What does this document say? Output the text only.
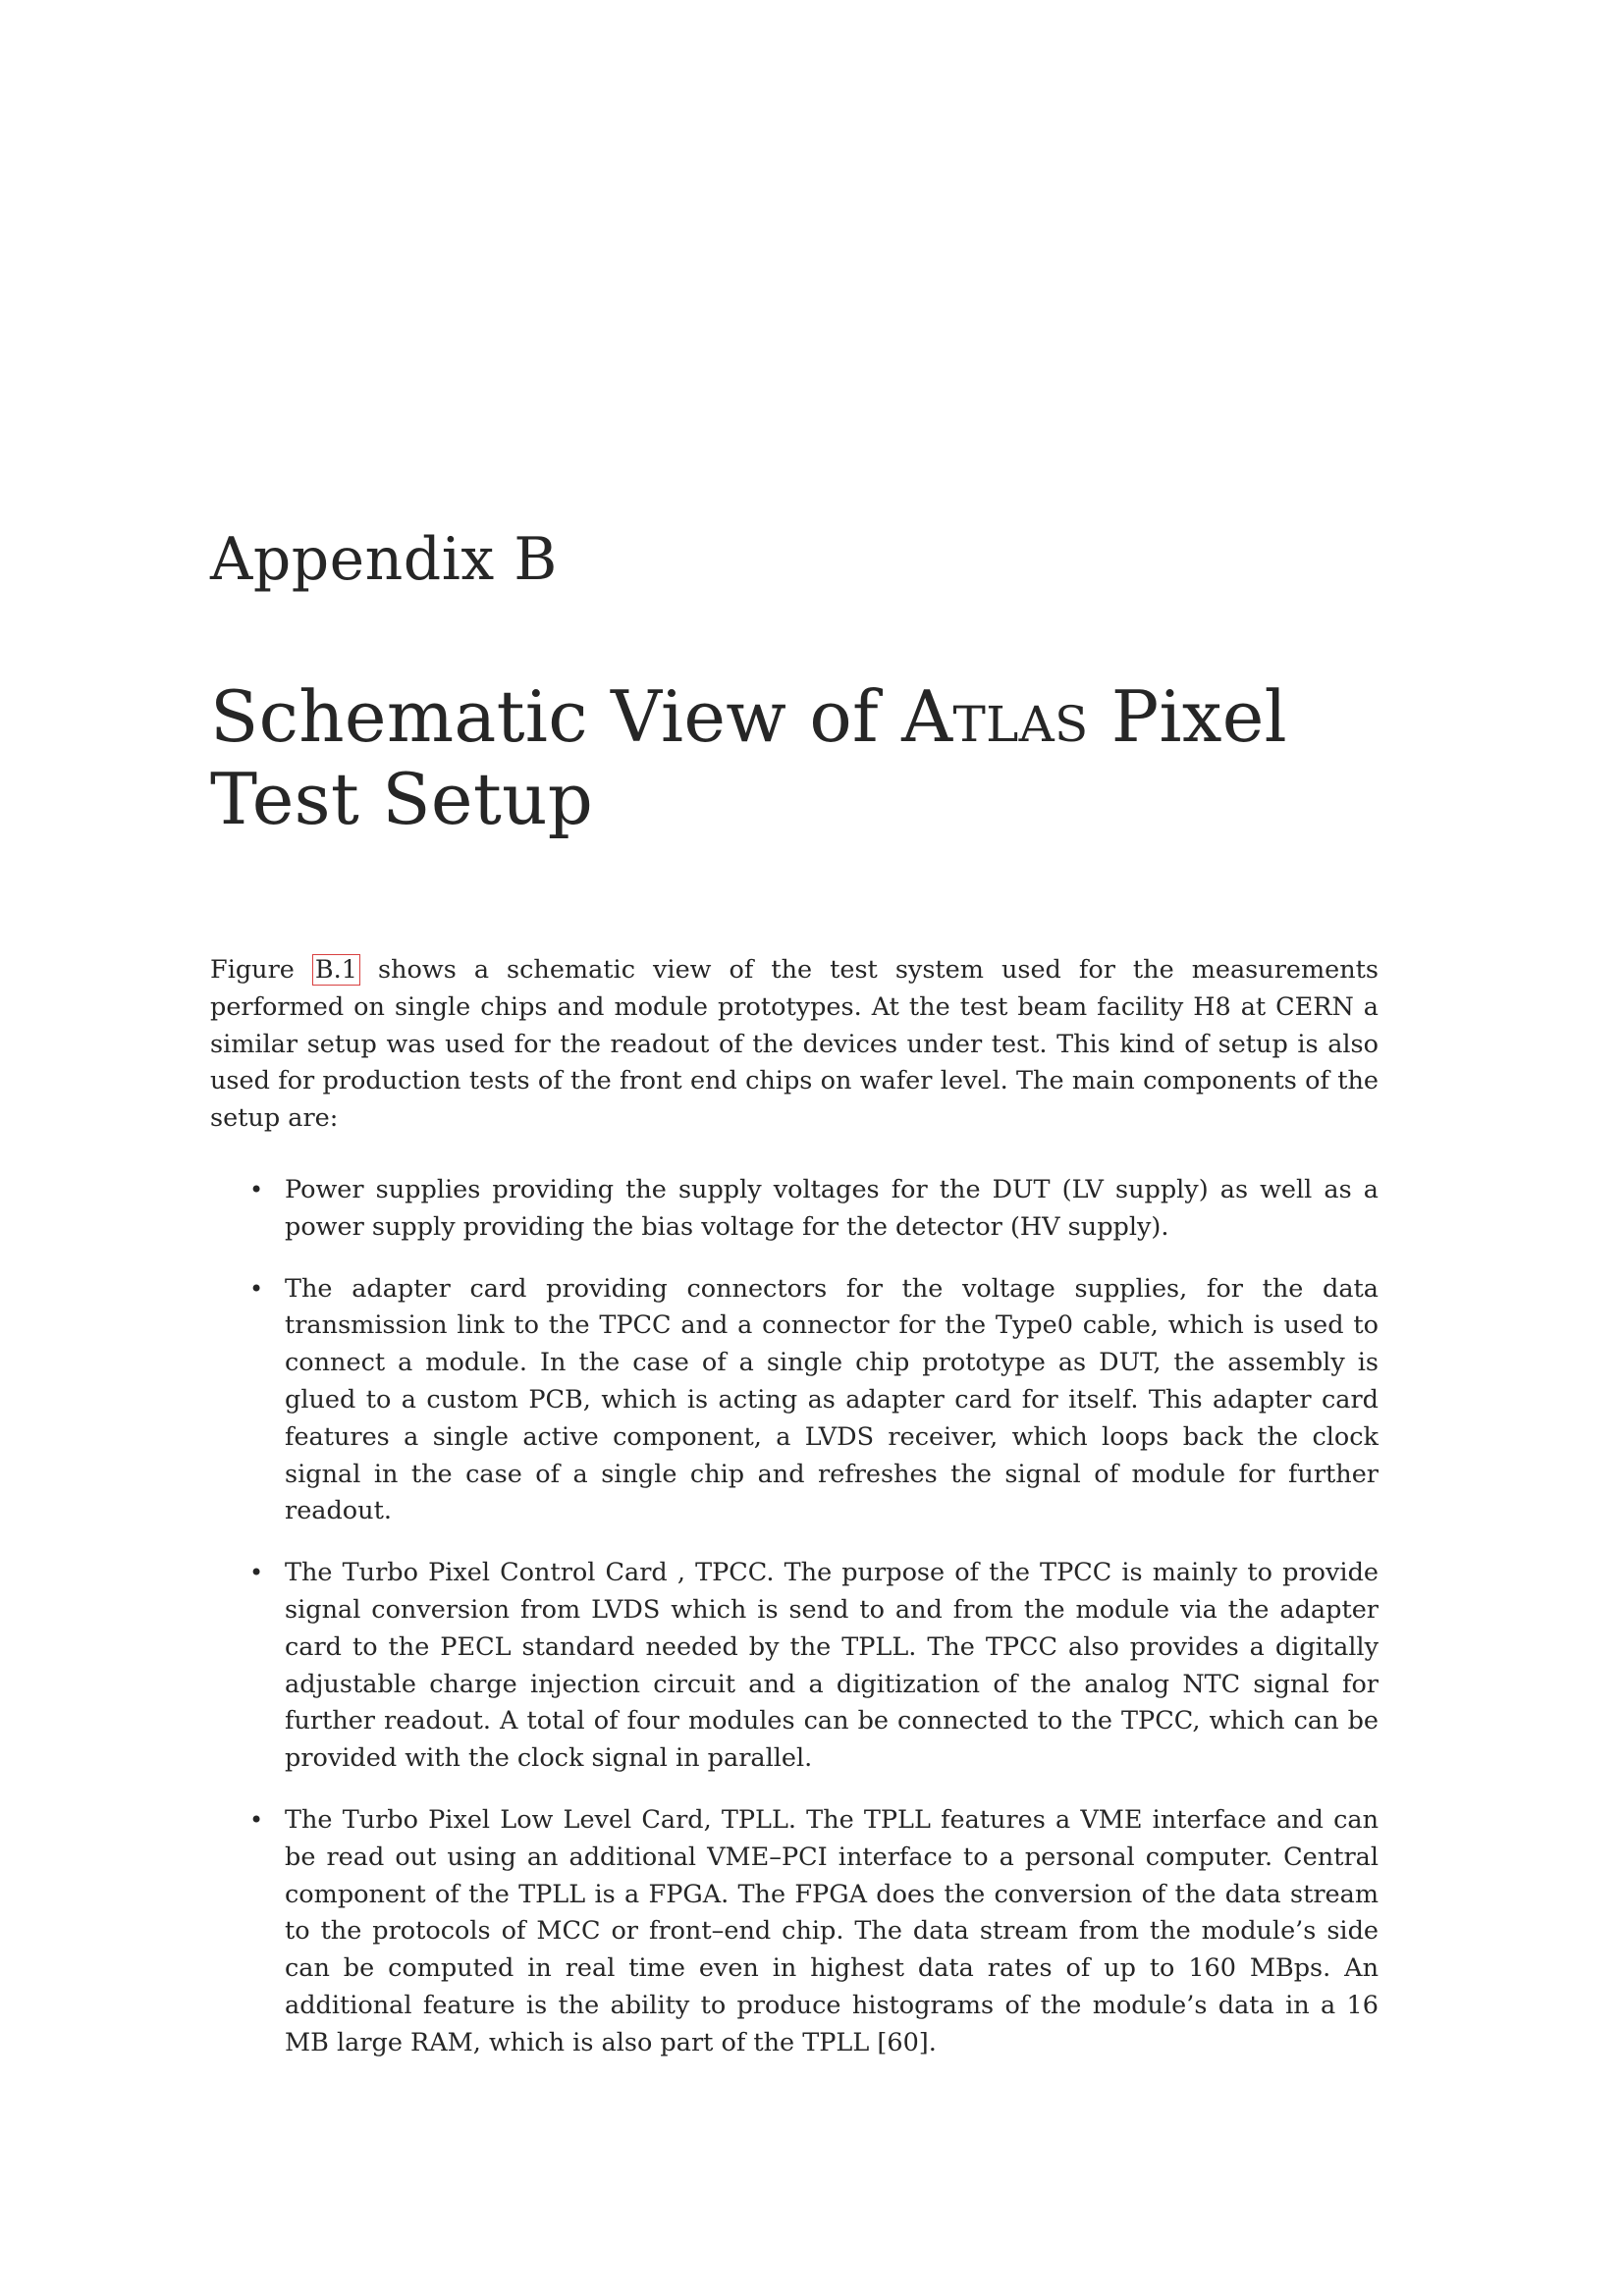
Appendix B
Schematic View of Atlas Pixel Test Setup

Figure B.1 shows a schematic view of the test system used for the measurements performed on single chips and module prototypes. At the test beam facility H8 at CERN a similar setup was used for the readout of the devices under test. This kind of setup is also used for production tests of the front end chips on wafer level. The main components of the setup are:

• Power supplies providing the supply voltages for the DUT (LV supply) as well as a power supply providing the bias voltage for the detector (HV supply).
• The adapter card providing connectors for the voltage supplies, for the data transmission link to the TPCC and a connector for the Type0 cable, which is used to connect a module. In the case of a single chip prototype as DUT, the assembly is glued to a custom PCB, which is acting as adapter card for itself. This adapter card features a single active component, a LVDS receiver, which loops back the clock signal in the case of a single chip and refreshes the signal of module for further readout.
• The Turbo Pixel Control Card , TPCC. The purpose of the TPCC is mainly to provide signal conversion from LVDS which is send to and from the module via the adapter card to the PECL standard needed by the TPLL. The TPCC also provides a digitally adjustable charge injection circuit and a digitization of the analog NTC signal for further readout. A total of four modules can be connected to the TPCC, which can be provided with the clock signal in parallel.
• The Turbo Pixel Low Level Card, TPLL. The TPLL features a VME interface and can be read out using an additional VME–PCI interface to a personal computer. Central component of the TPLL is a FPGA. The FPGA does the conversion of the data stream to the protocols of MCC or front–end chip. The data stream from the module’s side can be computed in real time even in highest data rates of up to 160 MBps. An additional feature is the ability to produce histograms of the module’s data in a 16 MB large RAM, which is also part of the TPLL [60].
